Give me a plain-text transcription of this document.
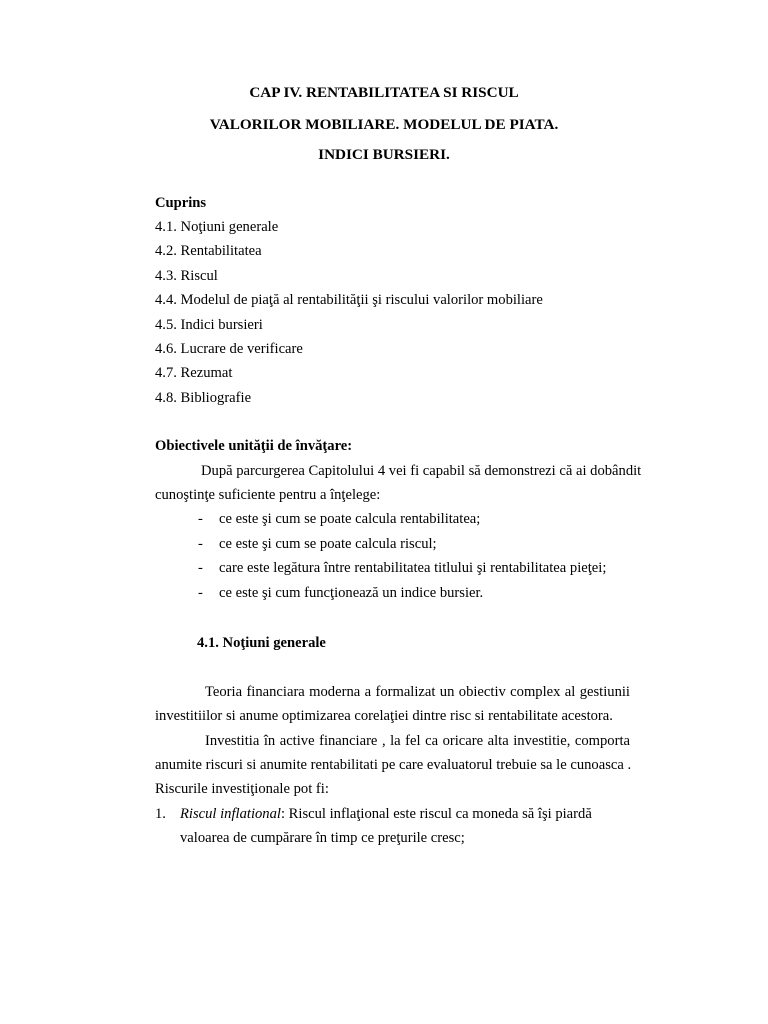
CAP IV. RENTABILITATEA SI RISCUL
VALORILOR MOBILIARE. MODELUL DE PIATA.
INDICI BURSIERI.
Cuprins
4.1. Noţiuni generale
4.2. Rentabilitatea
4.3. Riscul
4.4. Modelul de piaţă al rentabilităţii şi riscului valorilor mobiliare
4.5. Indici bursieri
4.6. Lucrare de verificare
4.7. Rezumat
4.8. Bibliografie
Obiectivele unităţii de învăţare:
După parcurgerea Capitolului 4 vei fi capabil să demonstrezi că ai dobândit
cunoştinţe suficiente pentru a înţelege:
- ce este şi cum se poate calcula rentabilitatea;
- ce este şi cum se poate calcula riscul;
- care este legătura între rentabilitatea titlului şi rentabilitatea pieţei;
- ce este şi cum funcţionează un indice bursier.
4.1. Noţiuni generale
Teoria financiara moderna a formalizat un obiectiv complex al gestiunii
investitiilor si anume optimizarea corelaţiei dintre risc si rentabilitate acestora.
Investitia în active financiare , la fel ca oricare alta investitie, comporta
anumite riscuri si anumite rentabilitati pe care evaluatorul trebuie sa le cunoasca .
Riscurile investiţionale pot fi:
1. Riscul inflational: Riscul inflaţional este riscul ca moneda să îşi piardă
valoarea de cumpărare în timp ce preţurile cresc;
